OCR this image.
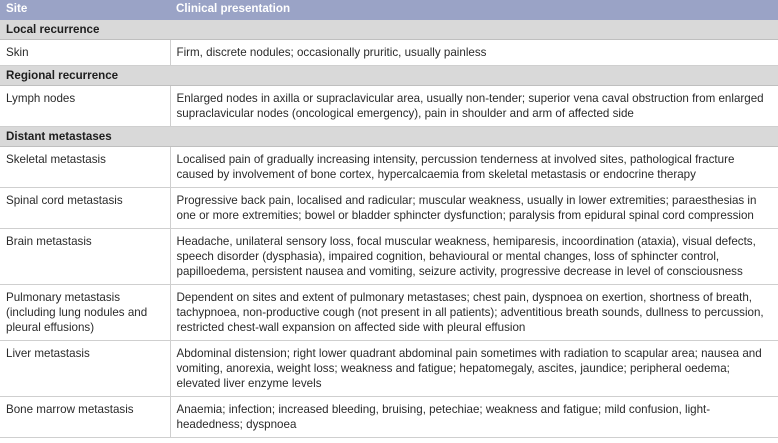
Site	Clinical presentation
Local recurrence	
Skin	Firm, discrete nodules; occasionally pruritic, usually painless
Regional recurrence	
Lymph nodes	Enlarged nodes in axilla or supraclavicular area, usually non-tender; superior vena caval obstruction from enlarged supraclavicular nodes (oncological emergency), pain in shoulder and arm of affected side
Distant metastases	
Skeletal metastasis	Localised pain of gradually increasing intensity, percussion tenderness at involved sites, pathological fracture caused by involvement of bone cortex, hypercalcaemia from skeletal metastasis or endocrine therapy
Spinal cord metastasis	Progressive back pain, localised and radicular; muscular weakness, usually in lower extremities; paraesthesias in one or more extremities; bowel or bladder sphincter dysfunction; paralysis from epidural spinal cord compression
Brain metastasis	Headache, unilateral sensory loss, focal muscular weakness, hemiparesis, incoordination (ataxia), visual defects, speech disorder (dysphasia), impaired cognition, behavioural or mental changes, loss of sphincter control, papilloedema, persistent nausea and vomiting, seizure activity, progressive decrease in level of consciousness
Pulmonary metastasis (including lung nodules and pleural effusions)	Dependent on sites and extent of pulmonary metastases; chest pain, dyspnoea on exertion, shortness of breath, tachypnoea, non-productive cough (not present in all patients); adventitious breath sounds, dullness to percussion, restricted chest-wall expansion on affected side with pleural effusion
Liver metastasis	Abdominal distension; right lower quadrant abdominal pain sometimes with radiation to scapular area; nausea and vomiting, anorexia, weight loss; weakness and fatigue; hepatomegaly, ascites, jaundice; peripheral oedema; elevated liver enzyme levels
Bone marrow metastasis	Anaemia; infection; increased bleeding, bruising, petechiae; weakness and fatigue; mild confusion, light-headedness; dyspnoea
